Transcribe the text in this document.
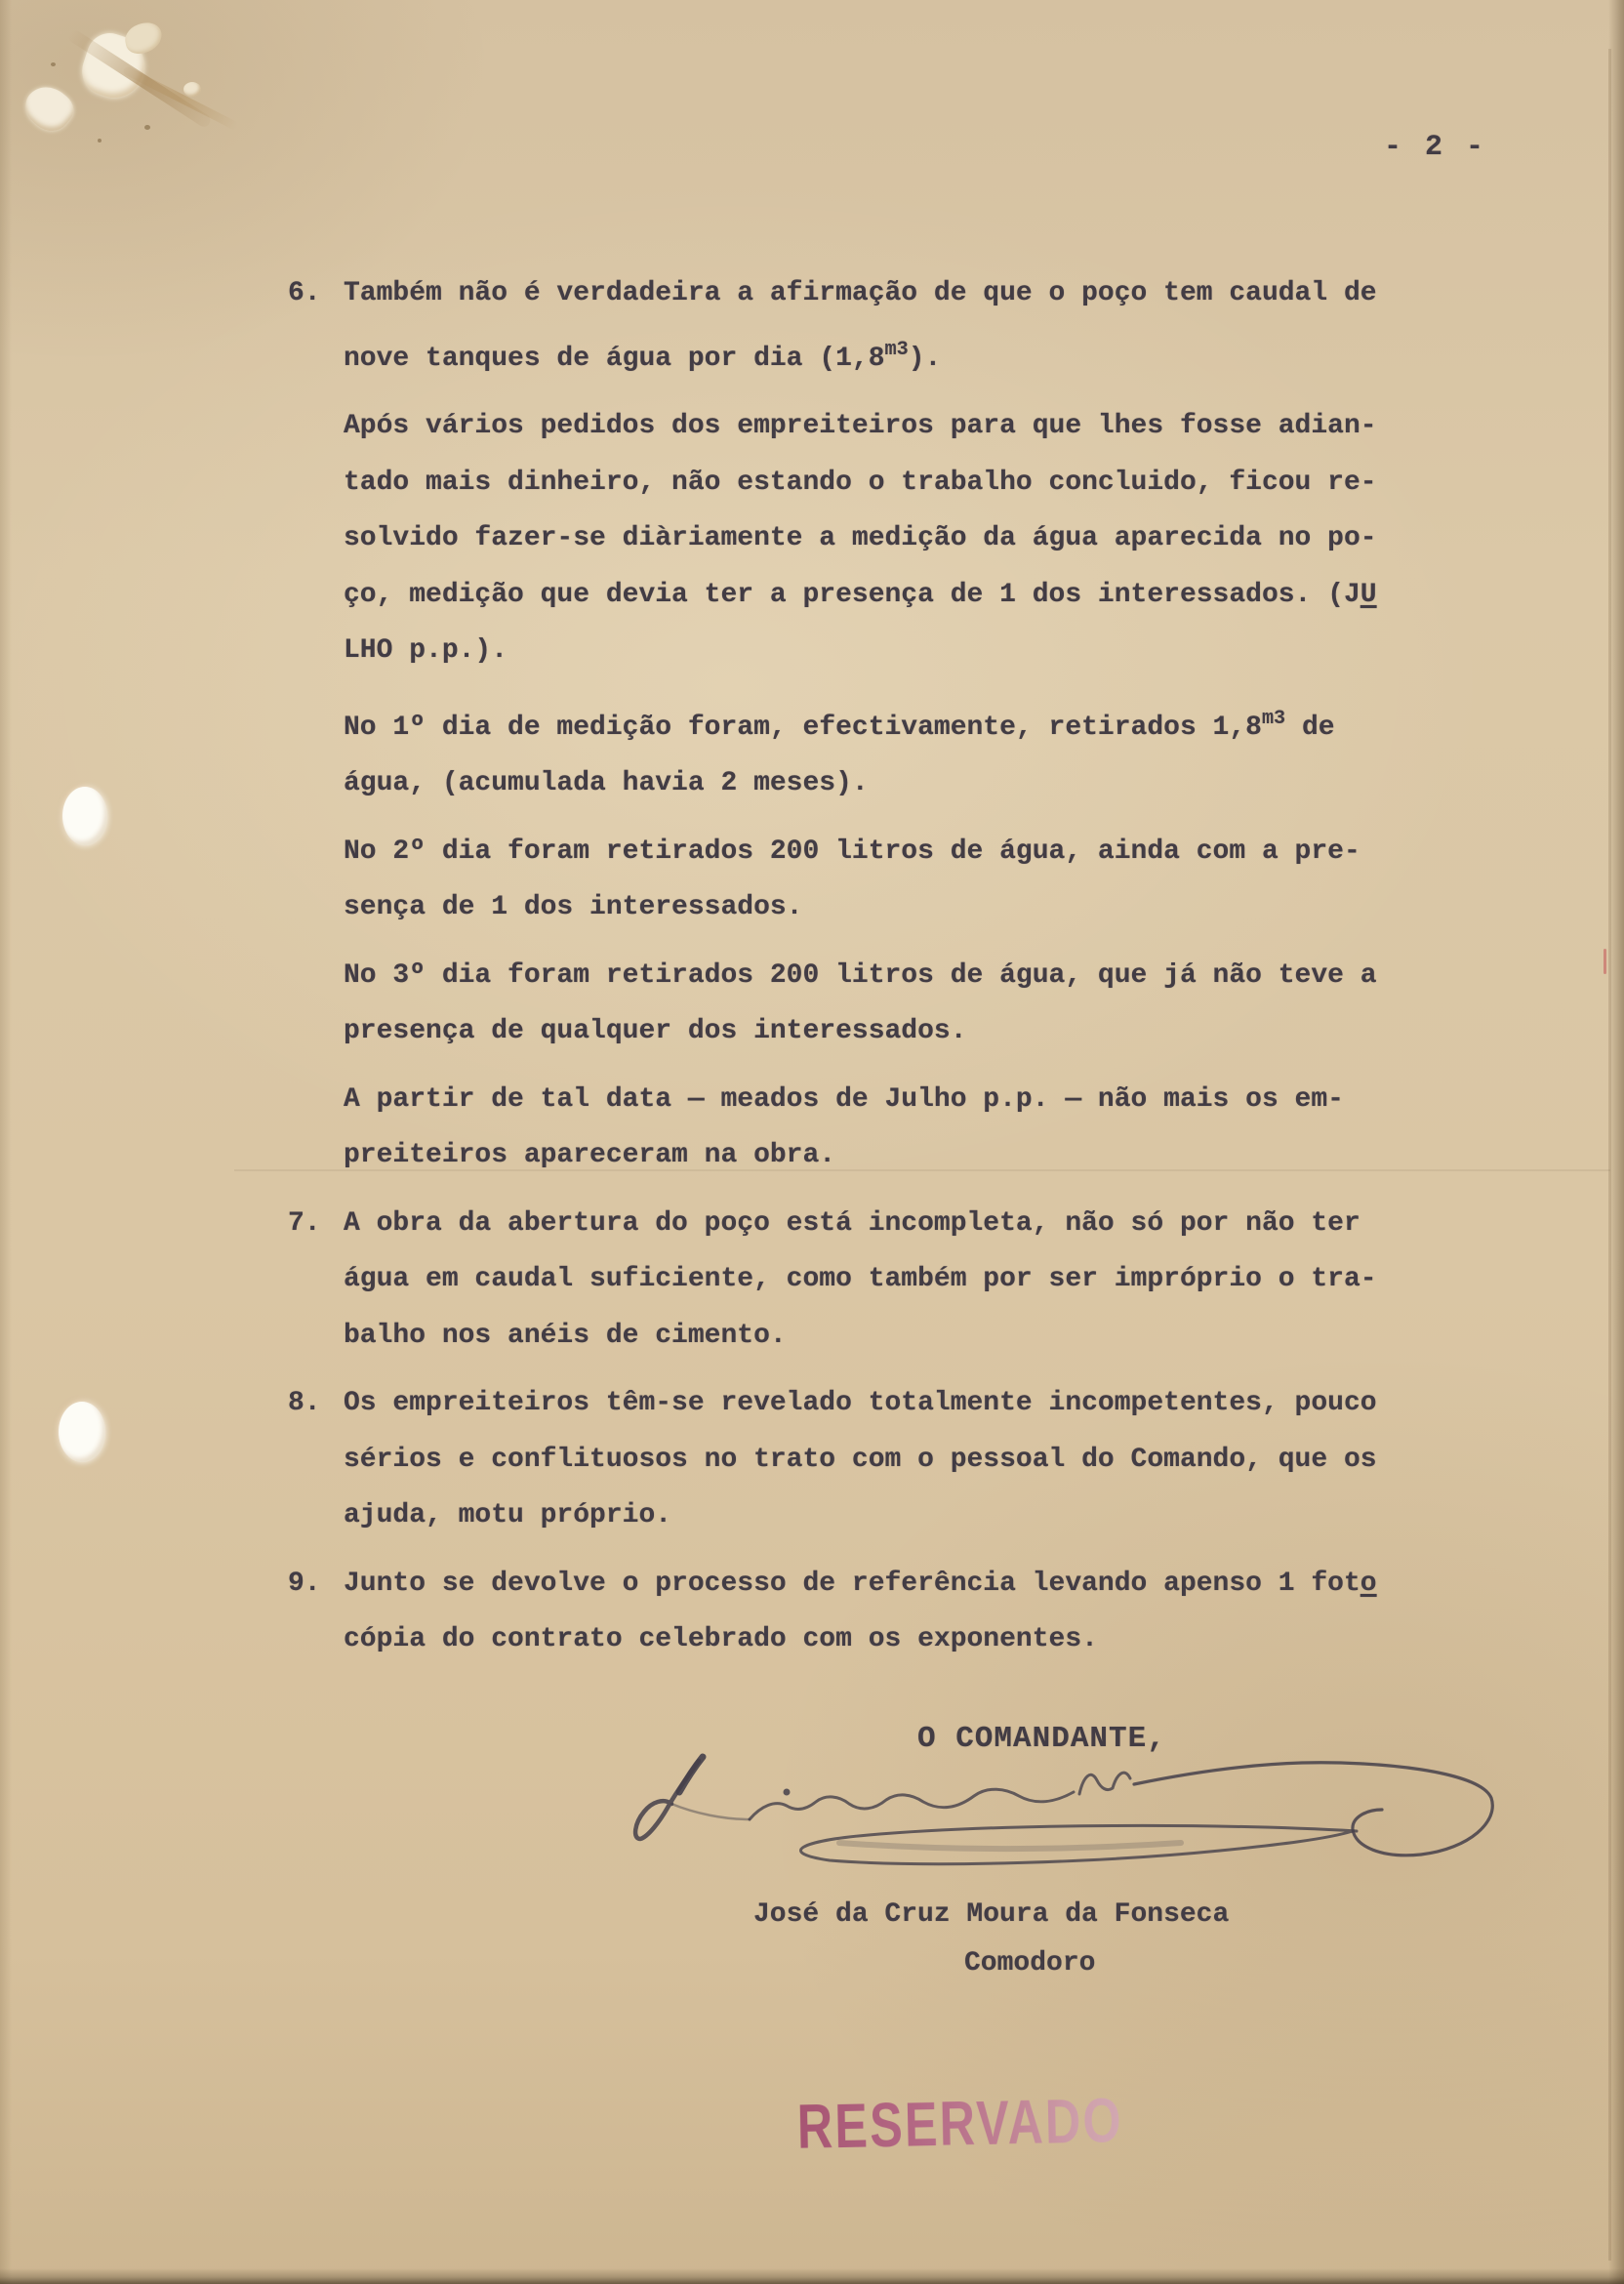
- 2 -
6. Também não é verdadeira a afirmação de que o poço tem caudal de
nove tanques de água por dia $(1,8^{m3})$.
Após vários pedidos dos empreiteiros para que lhes fosse adian-
tado mais dinheiro, não estando o trabalho concluido, ficou re-
solvido fazer-se diàriamente a medição da água aparecida no po-
ço, medição que devia ter a presença de 1 dos interessados. (JU
LHO p.p.).
No 1º dia de medição foram, efectivamente, retirados $1,8^{m3}$ de
água, (acumulada havia 2 meses).
No 2º dia foram retirados 200 litros de água, ainda com a pre-
sença de 1 dos interessados.
No 3º dia foram retirados 200 litros de água, que já não teve a
presença de qualquer dos interessados.
A partir de tal data — meados de Julho p.p. — não mais os em-
preiteiros apareceram na obra.
7. A obra da abertura do poço está incompleta, não só por não ter
água em caudal suficiente, como também por ser impróprio o tra-
balho nos anéis de cimento.
8. Os empreiteiros têm-se revelado totalmente incompetentes, pouco
sérios e conflituosos no trato com o pessoal do Comando, que os
ajuda, motu próprio.
9. Junto se devolve o processo de referência levando apenso 1 foto
cópia do contrato celebrado com os exponentes.
O COMANDANTE,
José da Cruz Moura da Fonseca
Comodoro
RESERVADO
